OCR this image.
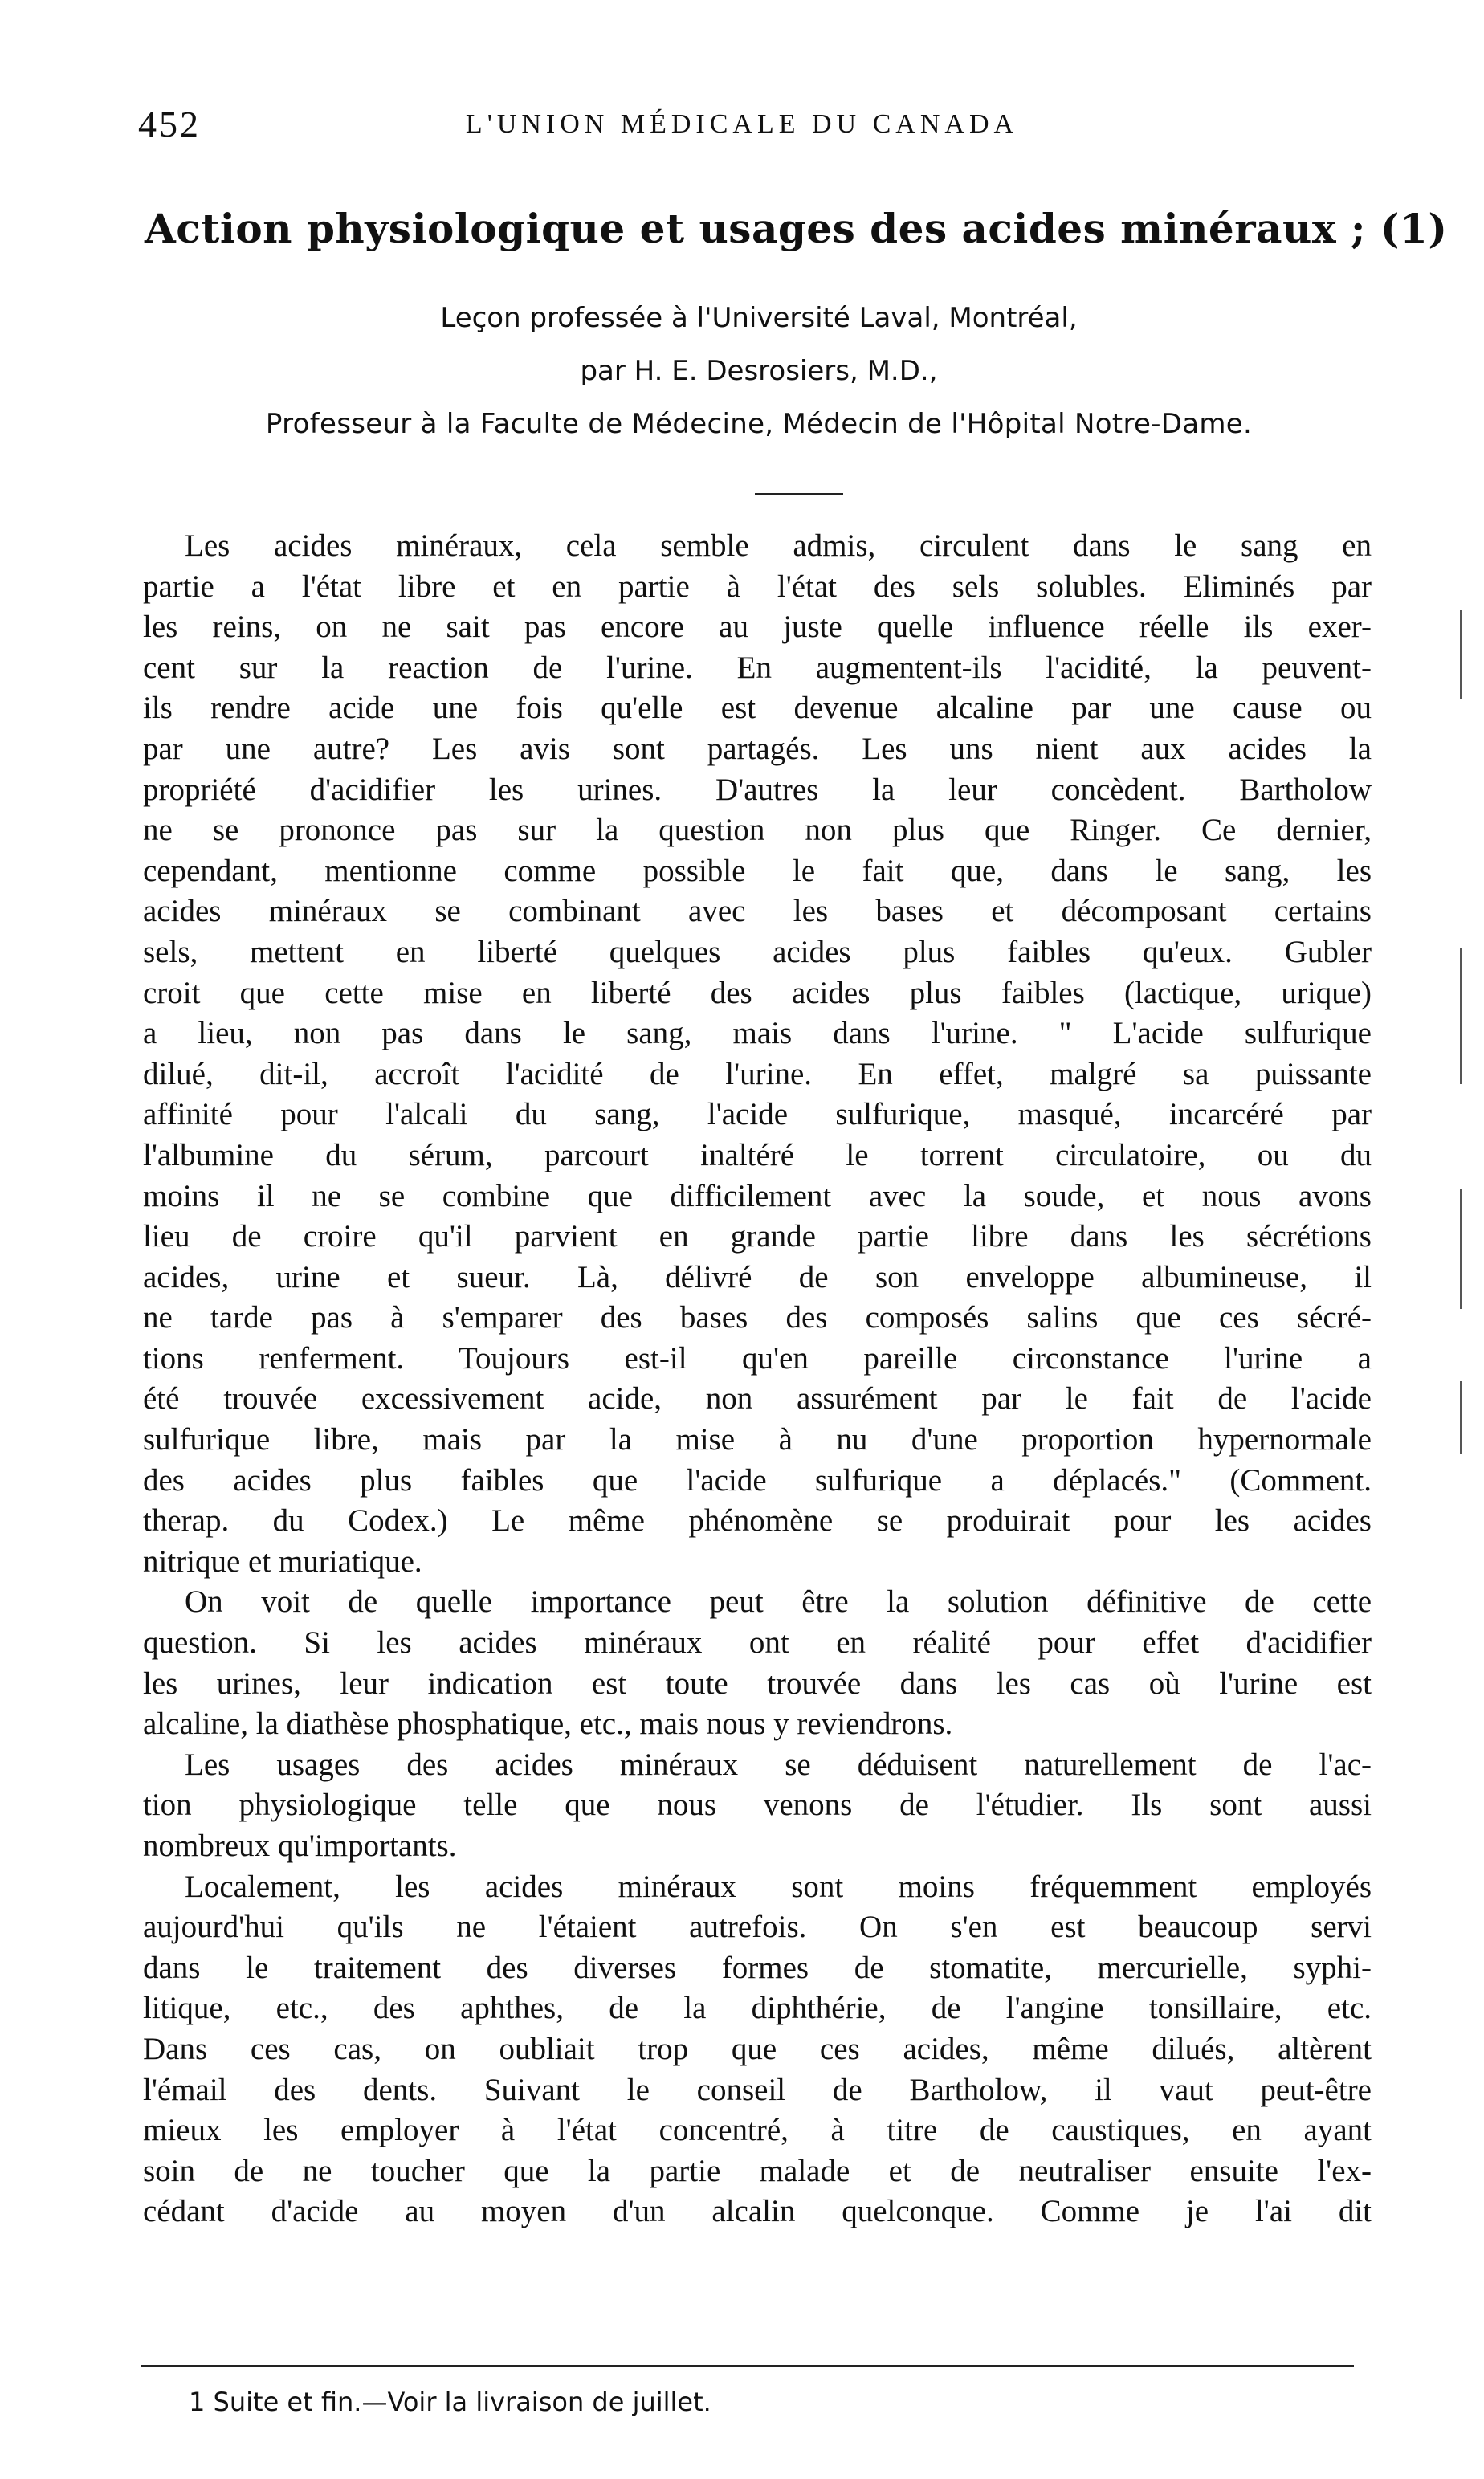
452	L'UNION MÉDICALE DU CANADA
Action physiologique et usages des acides minéraux ; (1)
Leçon professée à l'Université Laval, Montréal,
par H. E. Desrosiers, M.D.,
Professeur à la Faculte de Médecine, Médecin de l'Hôpital Notre-Dame.
Les acides minéraux, cela semble admis, circulent dans le sang en
partie a l'état libre et en partie à l'état des sels solubles. Eliminés par
les reins, on ne sait pas encore au juste quelle influence réelle ils exer-
cent sur la reaction de l'urine. En augmentent-ils l'acidité, la peuvent-
ils rendre acide une fois qu'elle est devenue alcaline par une cause ou
par une autre? Les avis sont partagés. Les uns nient aux acides la
propriété d'acidifier les urines. D'autres la leur concèdent. Bartholow
ne se prononce pas sur la question non plus que Ringer. Ce dernier,
cependant, mentionne comme possible le fait que, dans le sang, les
acides minéraux se combinant avec les bases et décomposant certains
sels, mettent en liberté quelques acides plus faibles qu'eux. Gubler
croit que cette mise en liberté des acides plus faibles (lactique, urique)
a lieu, non pas dans le sang, mais dans l'urine. " L'acide sulfurique
dilué, dit-il, accroît l'acidité de l'urine. En effet, malgré sa puissante
affinité pour l'alcali du sang, l'acide sulfurique, masqué, incarcéré par
l'albumine du sérum, parcourt inaltéré le torrent circulatoire, ou du
moins il ne se combine que difficilement avec la soude, et nous avons
lieu de croire qu'il parvient en grande partie libre dans les sécrétions
acides, urine et sueur. Là, délivré de son enveloppe albumineuse, il
ne tarde pas à s'emparer des bases des composés salins que ces sécré-
tions renferment. Toujours est-il qu'en pareille circonstance l'urine a
été trouvée excessivement acide, non assurément par le fait de l'acide
sulfurique libre, mais par la mise à nu d'une proportion hypernormale
des acides plus faibles que l'acide sulfurique a déplacés." (Comment.
therap. du Codex.) Le même phénomène se produirait pour les acides
nitrique et muriatique.
On voit de quelle importance peut être la solution définitive de cette
question. Si les acides minéraux ont en réalité pour effet d'acidifier
les urines, leur indication est toute trouvée dans les cas où l'urine est
alcaline, la diathèse phosphatique, etc., mais nous y reviendrons.
Les usages des acides minéraux se déduisent naturellement de l'ac-
tion physiologique telle que nous venons de l'étudier. Ils sont aussi
nombreux qu'importants.
Localement, les acides minéraux sont moins fréquemment employés
aujourd'hui qu'ils ne l'étaient autrefois. On s'en est beaucoup servi
dans le traitement des diverses formes de stomatite, mercurielle, syphi-
litique, etc., des aphthes, de la diphthérie, de l'angine tonsillaire, etc.
Dans ces cas, on oubliait trop que ces acides, même dilués, altèrent
l'émail des dents. Suivant le conseil de Bartholow, il vaut peut-être
mieux les employer à l'état concentré, à titre de caustiques, en ayant
soin de ne toucher que la partie malade et de neutraliser ensuite l'ex-
cédant d'acide au moyen d'un alcalin quelconque. Comme je l'ai dit
1 Suite et fin.—Voir la livraison de juillet.
